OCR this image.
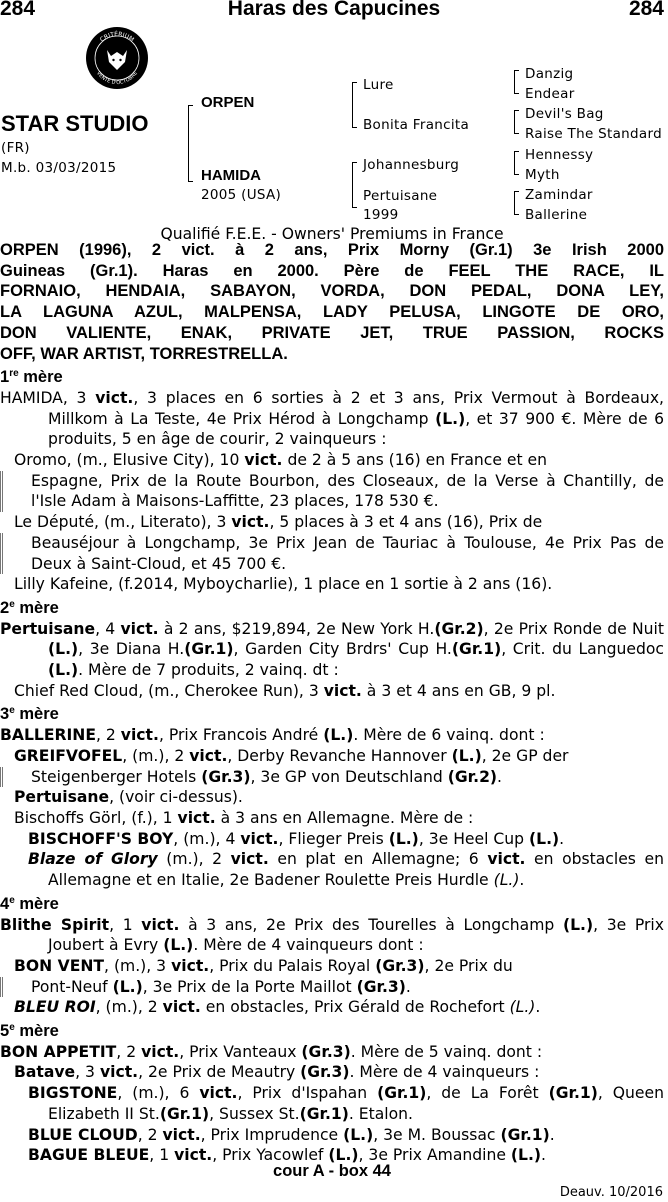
284	Haras des Capucines	284
CRITÉRIUM
VENTE D'OCTOBRE
STAR STUDIO
(FR)
M.b. 03/03/2015
ORPEN
HAMIDA
2005 (USA)
Lure
Bonita Francita
Johannesburg
Pertuisane
1999
Danzig
Endear
Devil's Bag
Raise The Standard
Hennessy
Myth
Zamindar
Ballerine
Qualifié F.E.E. - Owners' Premiums in France

ORPEN (1996), 2 vict. à 2 ans, Prix Morny (Gr.1) 3e Irish 2000

Guineas (Gr.1). Haras en 2000. Père de FEEL THE RACE, IL

FORNAIO, HENDAIA, SABAYON, VORDA, DON PEDAL, DONA LEY,

LA LAGUNA AZUL, MALPENSA, LADY PELUSA, LINGOTE DE ORO,

DON VALIENTE, ENAK, PRIVATE JET, TRUE PASSION, ROCKS

OFF, WAR ARTIST, TORRESTRELLA.

1re mère

HAMIDA, 3 vict., 3 places en 6 sorties à 2 et 3 ans, Prix Vermout à Bordeaux, Millkom à La Teste, 4e Prix Hérod à Longchamp (L.), et 37 900 €. Mère de 6 produits, 5 en âge de courir, 2 vainqueurs :

Oromo, (m., Elusive City), 10 vict. de 2 à 5 ans (16) en France et en

Espagne, Prix de la Route Bourbon, des Closeaux, de la Verse à Chantilly, de l'Isle Adam à Maisons-Laffitte, 23 places, 178 530 €.

Le Député, (m., Literato), 3 vict., 5 places à 3 et 4 ans (16), Prix de

Beauséjour à Longchamp, 3e Prix Jean de Tauriac à Toulouse, 4e Prix Pas de Deux à Saint-Cloud, et 45 700 €.

Lilly Kafeine, (f.2014, Myboycharlie), 1 place en 1 sortie à 2 ans (16).

2e mère

Pertuisane, 4 vict. à 2 ans, $219,894, 2e New York H.(Gr.2), 2e Prix Ronde de Nuit (L.), 3e Diana H.(Gr.1), Garden City Brdrs' Cup H.(Gr.1), Crit. du Languedoc (L.). Mère de 7 produits, 2 vainq. dt :

Chief Red Cloud, (m., Cherokee Run), 3 vict. à 3 et 4 ans en GB, 9 pl.

3e mère

BALLERINE, 2 vict., Prix Francois André (L.). Mère de 6 vainq. dont :

GREIFVOFEL, (m.), 2 vict., Derby Revanche Hannover (L.), 2e GP der

Steigenberger Hotels (Gr.3), 3e GP von Deutschland (Gr.2).

Pertuisane, (voir ci-dessus).

Bischoffs Görl, (f.), 1 vict. à 3 ans en Allemagne. Mère de :

BISCHOFF'S BOY, (m.), 4 vict., Flieger Preis (L.), 3e Heel Cup (L.).

Blaze of Glory (m.), 2 vict. en plat en Allemagne; 6 vict. en obstacles en Allemagne et en Italie, 2e Badener Roulette Preis Hurdle (L.).

4e mère

Blithe Spirit, 1 vict. à 3 ans, 2e Prix des Tourelles à Longchamp (L.), 3e Prix Joubert à Evry (L.). Mère de 4 vainqueurs dont :

BON VENT, (m.), 3 vict., Prix du Palais Royal (Gr.3), 2e Prix du

Pont-Neuf (L.), 3e Prix de la Porte Maillot (Gr.3).

BLEU ROI, (m.), 2 vict. en obstacles, Prix Gérald de Rochefort (L.).

5e mère

BON APPETIT, 2 vict., Prix Vanteaux (Gr.3). Mère de 5 vainq. dont :

Batave, 3 vict., 2e Prix de Meautry (Gr.3). Mère de 4 vainqueurs :

BIGSTONE, (m.), 6 vict., Prix d'Ispahan (Gr.1), de La Forêt (Gr.1), Queen Elizabeth II St.(Gr.1), Sussex St.(Gr.1). Etalon.

BLUE CLOUD, 2 vict., Prix Imprudence (L.), 3e M. Boussac (Gr.1).

BAGUE BLEUE, 1 vict., Prix Yacowlef (L.), 3e Prix Amandine (L.).

cour A - box 44
Deauv. 10/2016
